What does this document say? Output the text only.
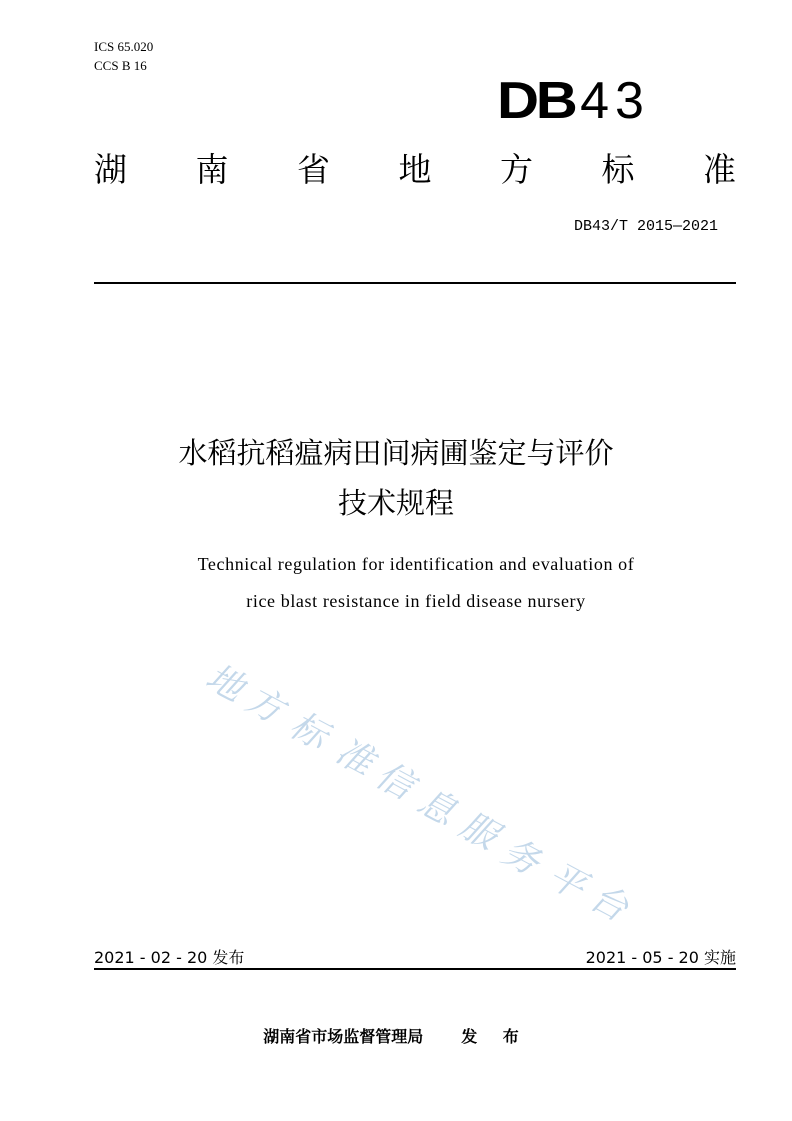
ICS 65.020
CCS B 16
DB 43
湖 南 省 地 方 标 准
DB43/T 2015—2021
水稻抗稻瘟病田间病圃鉴定与评价
技术规程
Technical regulation for identification and evaluation of
rice blast resistance in field disease nursery
地
方
标
准
信
息
服
务
平
台
2021 - 02 - 20 发布	2021 - 05 - 20 实施
湖南省市场监督管理局 发 布
